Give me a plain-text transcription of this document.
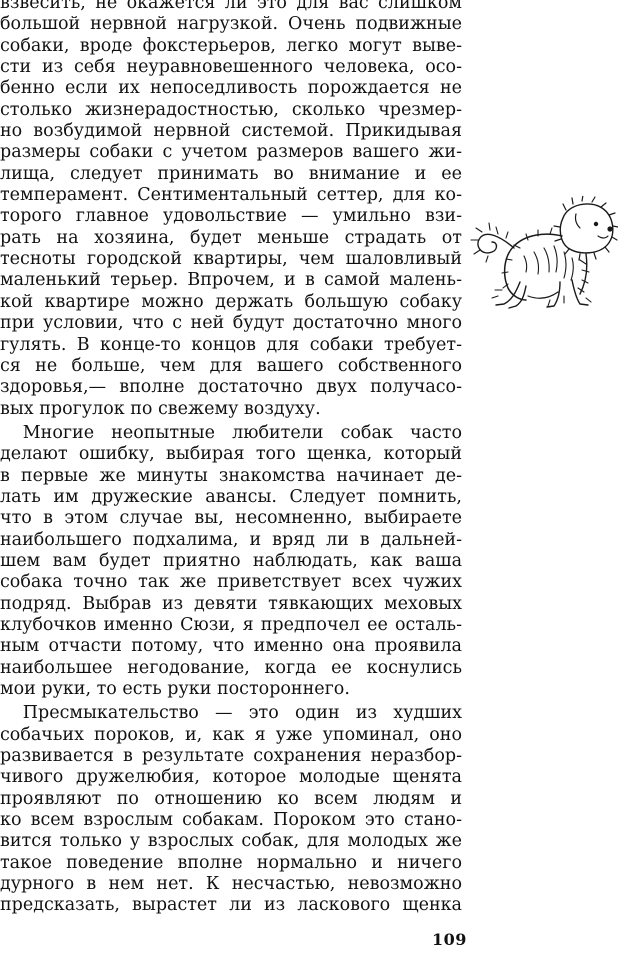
взвесить, не окажется ли это для вас слишком
большой нервной нагрузкой. Очень подвижные
собаки, вроде фокстерьеров, легко могут выве-
сти из себя неуравновешенного человека, осо-
бенно если их непоседливость порождается не
столько жизнерадостностью, сколько чрезмер-
но возбудимой нервной системой. Прикидывая
размеры собаки с учетом размеров вашего жи-
лища, следует принимать во внимание и ее
темперамент. Сентиментальный сеттер, для ко-
торого главное удовольствие — умильно взи-
рать на хозяина, будет меньше страдать от
тесноты городской квартиры, чем шаловливый
маленький терьер. Впрочем, и в самой малень-
кой квартире можно держать большую собаку
при условии, что с ней будут достаточно много
гулять. В конце-то концов для собаки требует-
ся не больше, чем для вашего собственного
здоровья,— вполне достаточно двух получасо-
вых прогулок по свежему воздуху.
Многие неопытные любители собак часто
делают ошибку, выбирая того щенка, который
в первые же минуты знакомства начинает де-
лать им дружеские авансы. Следует помнить,
что в этом случае вы, несомненно, выбираете
наибольшего подхалима, и вряд ли в дальней-
шем вам будет приятно наблюдать, как ваша
собака точно так же приветствует всех чужих
подряд. Выбрав из девяти тявкающих меховых
клубочков именно Сюзи, я предпочел ее осталь-
ным отчасти потому, что именно она проявила
наибольшее негодование, когда ее коснулись
мои руки, то есть руки постороннего.
Пресмыкательство — это один из худших
собачьих пороков, и, как я уже упоминал, оно
развивается в результате сохранения неразбор-
чивого дружелюбия, которое молодые щенята
проявляют по отношению ко всем людям и
ко всем взрослым собакам. Пороком это стано-
вится только у взрослых собак, для молодых же
такое поведение вполне нормально и ничего
дурного в нем нет. К несчастью, невозможно
предсказать, вырастет ли из ласкового щенка
109
